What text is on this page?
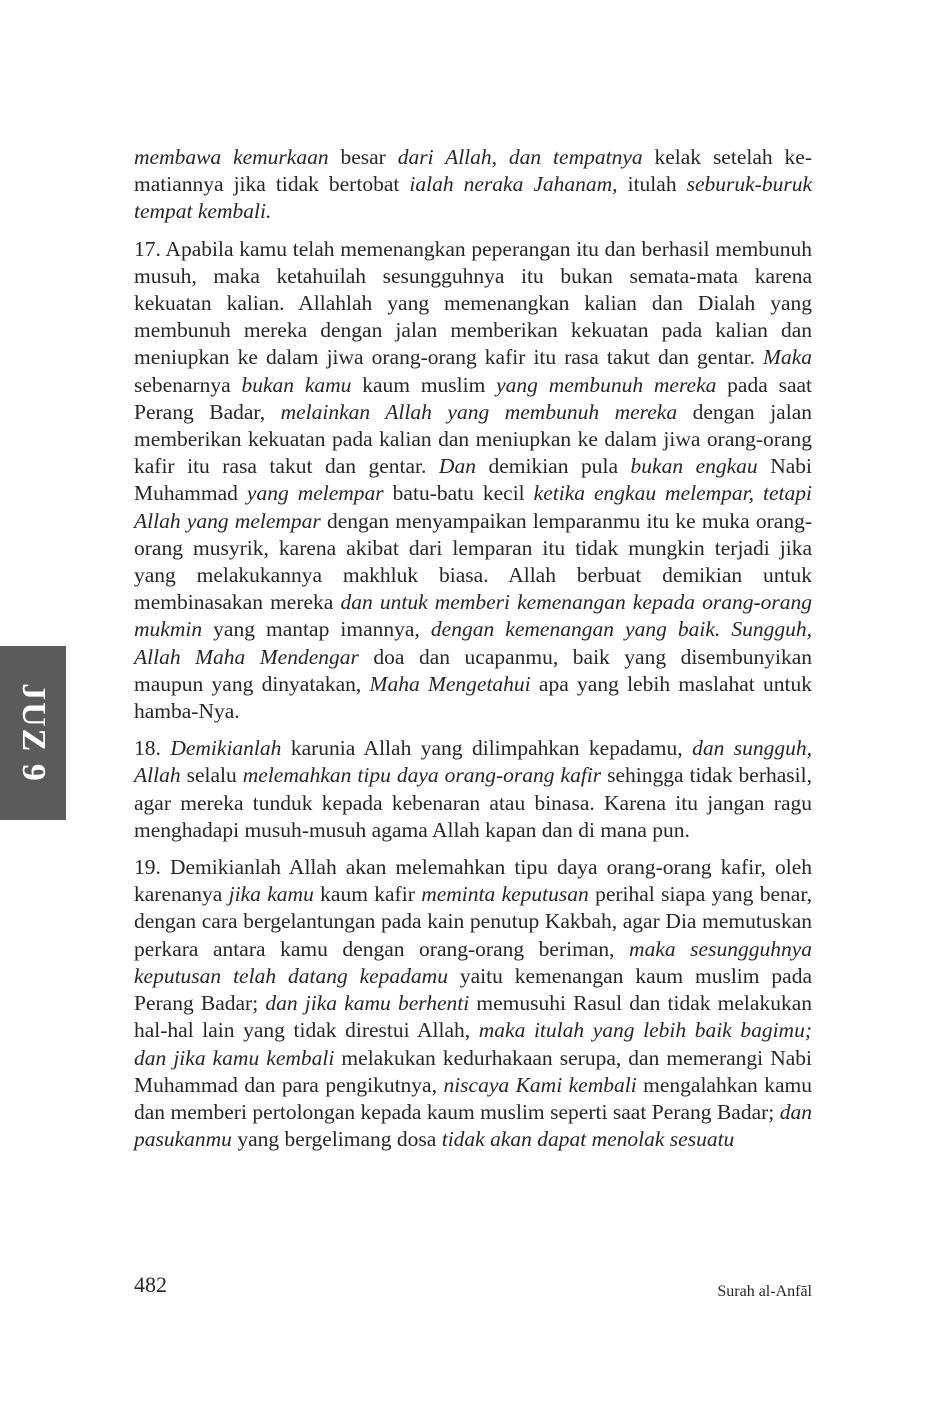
JUZ 9

membawa kemurkaan besar dari Allah, dan tempatnya kelak setelah kematiannya jika tidak bertobat ialah neraka Jahanam, itulah seburuk-buruk tempat kembali.

17. Apabila kamu telah memenangkan peperangan itu dan berhasil membunuh musuh, maka ketahuilah sesungguhnya itu bukan semata-mata karena kekuatan kalian. Allahlah yang memenangkan kalian dan Dialah yang membunuh mereka dengan jalan memberikan kekuatan pada kalian dan meniupkan ke dalam jiwa orang-orang kafir itu rasa takut dan gentar. Maka sebenarnya bukan kamu kaum muslim yang membunuh mereka pada saat Perang Badar, melainkan Allah yang membunuh mereka dengan jalan memberikan kekuatan pada kalian dan meniupkan ke dalam jiwa orang-orang kafir itu rasa takut dan gentar. Dan demikian pula bukan engkau Nabi Muhammad yang melempar batu-batu kecil ketika engkau melempar, tetapi Allah yang melempar dengan menyampaikan lemparanmu itu ke muka orang-orang musyrik, karena akibat dari lemparan itu tidak mungkin terjadi jika yang melakukannya makhluk biasa. Allah berbuat demikian untuk membinasakan mereka dan untuk memberi kemenangan kepada orang-orang mukmin yang mantap imannya, dengan kemenangan yang baik. Sungguh, Allah Maha Mendengar doa dan ucapanmu, baik yang disembunyikan maupun yang dinyatakan, Maha Mengetahui apa yang lebih maslahat untuk hamba-Nya.

18. Demikianlah karunia Allah yang dilimpahkan kepadamu, dan sungguh, Allah selalu melemahkan tipu daya orang-orang kafir sehingga tidak berhasil, agar mereka tunduk kepada kebenaran atau binasa. Karena itu jangan ragu menghadapi musuh-musuh agama Allah kapan dan di mana pun.

19. Demikianlah Allah akan melemahkan tipu daya orang-orang kafir, oleh karenanya jika kamu kaum kafir meminta keputusan perihal siapa yang benar, dengan cara bergelantungan pada kain penutup Kakbah, agar Dia memutuskan perkara antara kamu dengan orang-orang beriman, maka sesungguhnya keputusan telah datang kepadamu yaitu kemenangan kaum muslim pada Perang Badar; dan jika kamu berhenti memusuhi Rasul dan tidak melakukan hal-hal lain yang tidak direstui Allah, maka itulah yang lebih baik bagimu; dan jika kamu kembali melakukan kedurhakaan serupa, dan memerangi Nabi Muhammad dan para pengikutnya, niscaya Kami kembali mengalahkan kamu dan memberi pertolongan kepada kaum muslim seperti saat Perang Badar; dan pasukanmu yang bergelimang dosa tidak akan dapat menolak sesuatu

482	Surah al-Anfāl
